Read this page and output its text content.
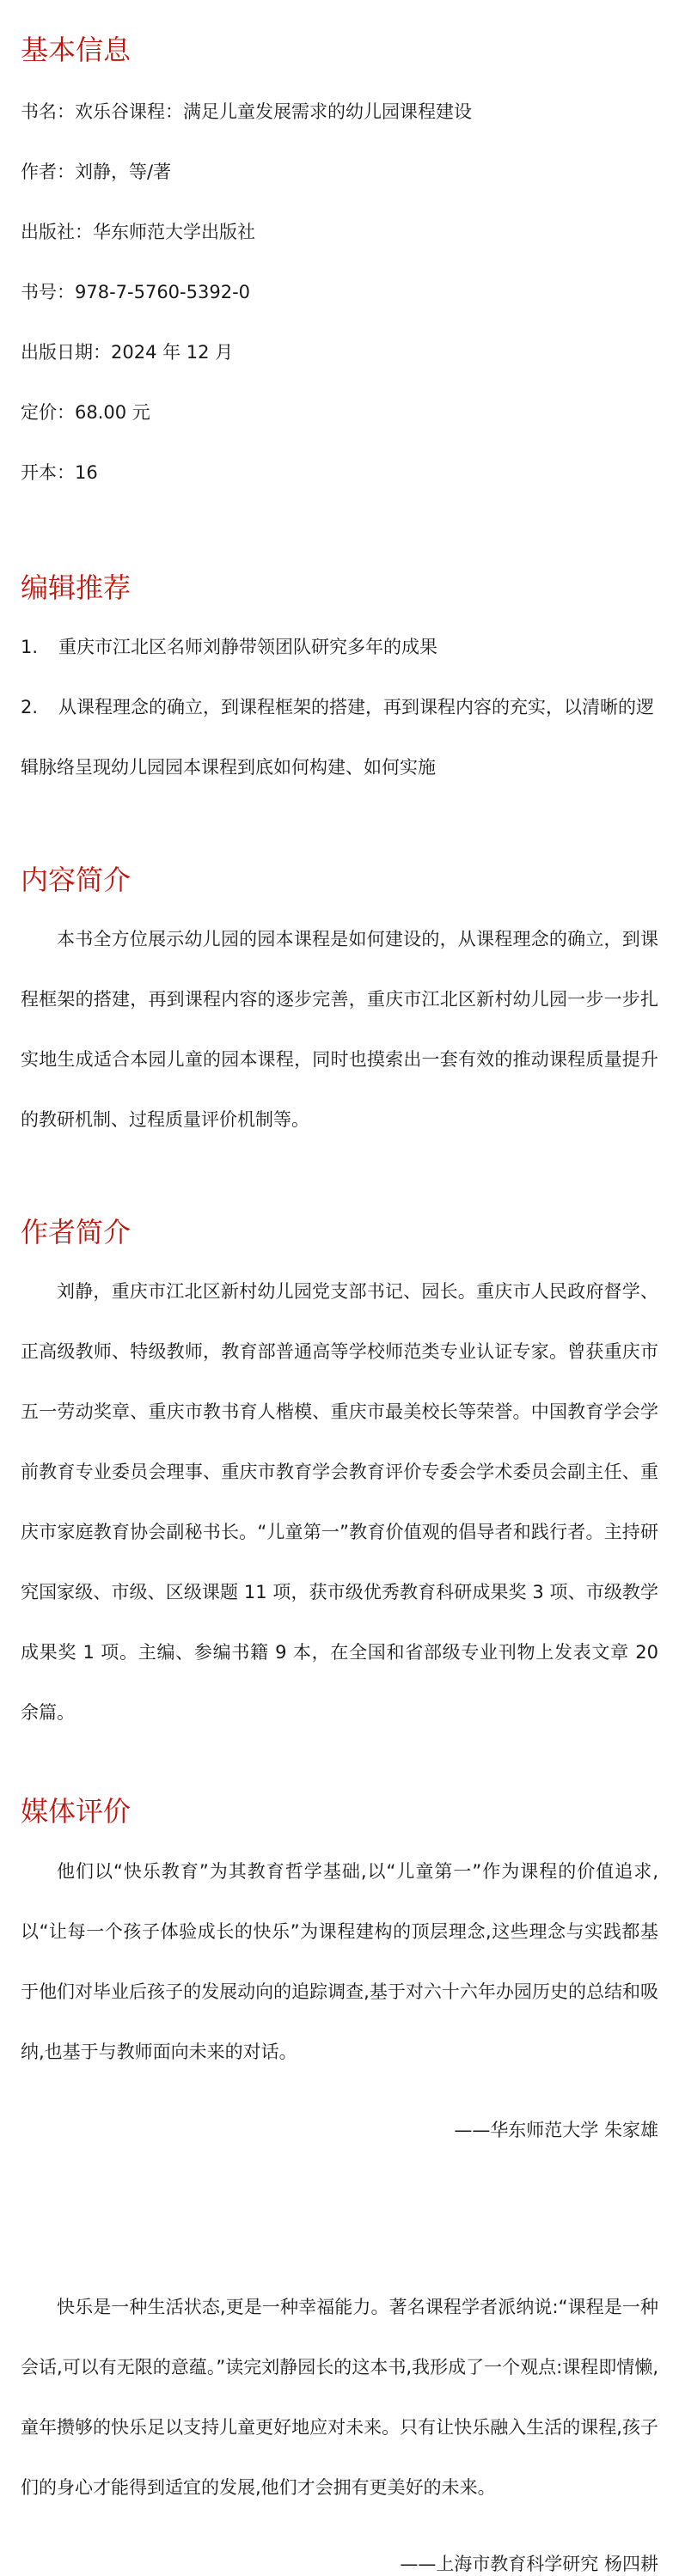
基本信息
书名：欢乐谷课程：满足儿童发展需求的幼儿园课程建设
作者：刘静，等/著
出版社：华东师范大学出版社
书号：978-7-5760-5392-0
出版日期：2024 年 12 月
定价：68.00 元
开本：16
编辑推荐
1. 重庆市江北区名师刘静带领团队研究多年的成果
2. 从课程理念的确立，到课程框架的搭建，再到课程内容的充实，以清晰的逻辑脉络呈现幼儿园园本课程到底如何构建、如何实施
内容简介

本书全方位展示幼儿园的园本课程是如何建设的，从课程理念的确立，到课程框架的搭建，再到课程内容的逐步完善，重庆市江北区新村幼儿园一步一步扎实地生成适合本园儿童的园本课程，同时也摸索出一套有效的推动课程质量提升的教研机制、过程质量评价机制等。

作者简介

刘静，重庆市江北区新村幼儿园党支部书记、园长。重庆市人民政府督学、正高级教师、特级教师，教育部普通高等学校师范类专业认证专家。曾获重庆市五一劳动奖章、重庆市教书育人楷模、重庆市最美校长等荣誉。中国教育学会学前教育专业委员会理事、重庆市教育学会教育评价专委会学术委员会副主任、重庆市家庭教育协会副秘书长。“儿童第一”教育价值观的倡导者和践行者。主持研究国家级、市级、区级课题 11 项，获市级优秀教育科研成果奖 3 项、市级教学成果奖 1 项。主编、参编书籍 9 本，在全国和省部级专业刊物上发表文章 20 余篇。

媒体评价

他们以“快乐教育”为其教育哲学基础,以“儿童第一”作为课程的价值追求,以“让每一个孩子体验成长的快乐”为课程建构的顶层理念,这些理念与实践都基于他们对毕业后孩子的发展动向的追踪调查,基于对六十六年办园历史的总结和吸纳,也基于与教师面向未来的对话。

——华东师范大学 朱家雄

快乐是一种生活状态,更是一种幸福能力。著名课程学者派纳说:“课程是一种会话,可以有无限的意蕴。”读完刘静园长的这本书,我形成了一个观点:课程即情懒,童年攒够的快乐足以支持儿童更好地应对未来。只有让快乐融入生活的课程,孩子们的身心才能得到适宜的发展,他们才会拥有更美好的未来。

——上海市教育科学研究 杨四耕
